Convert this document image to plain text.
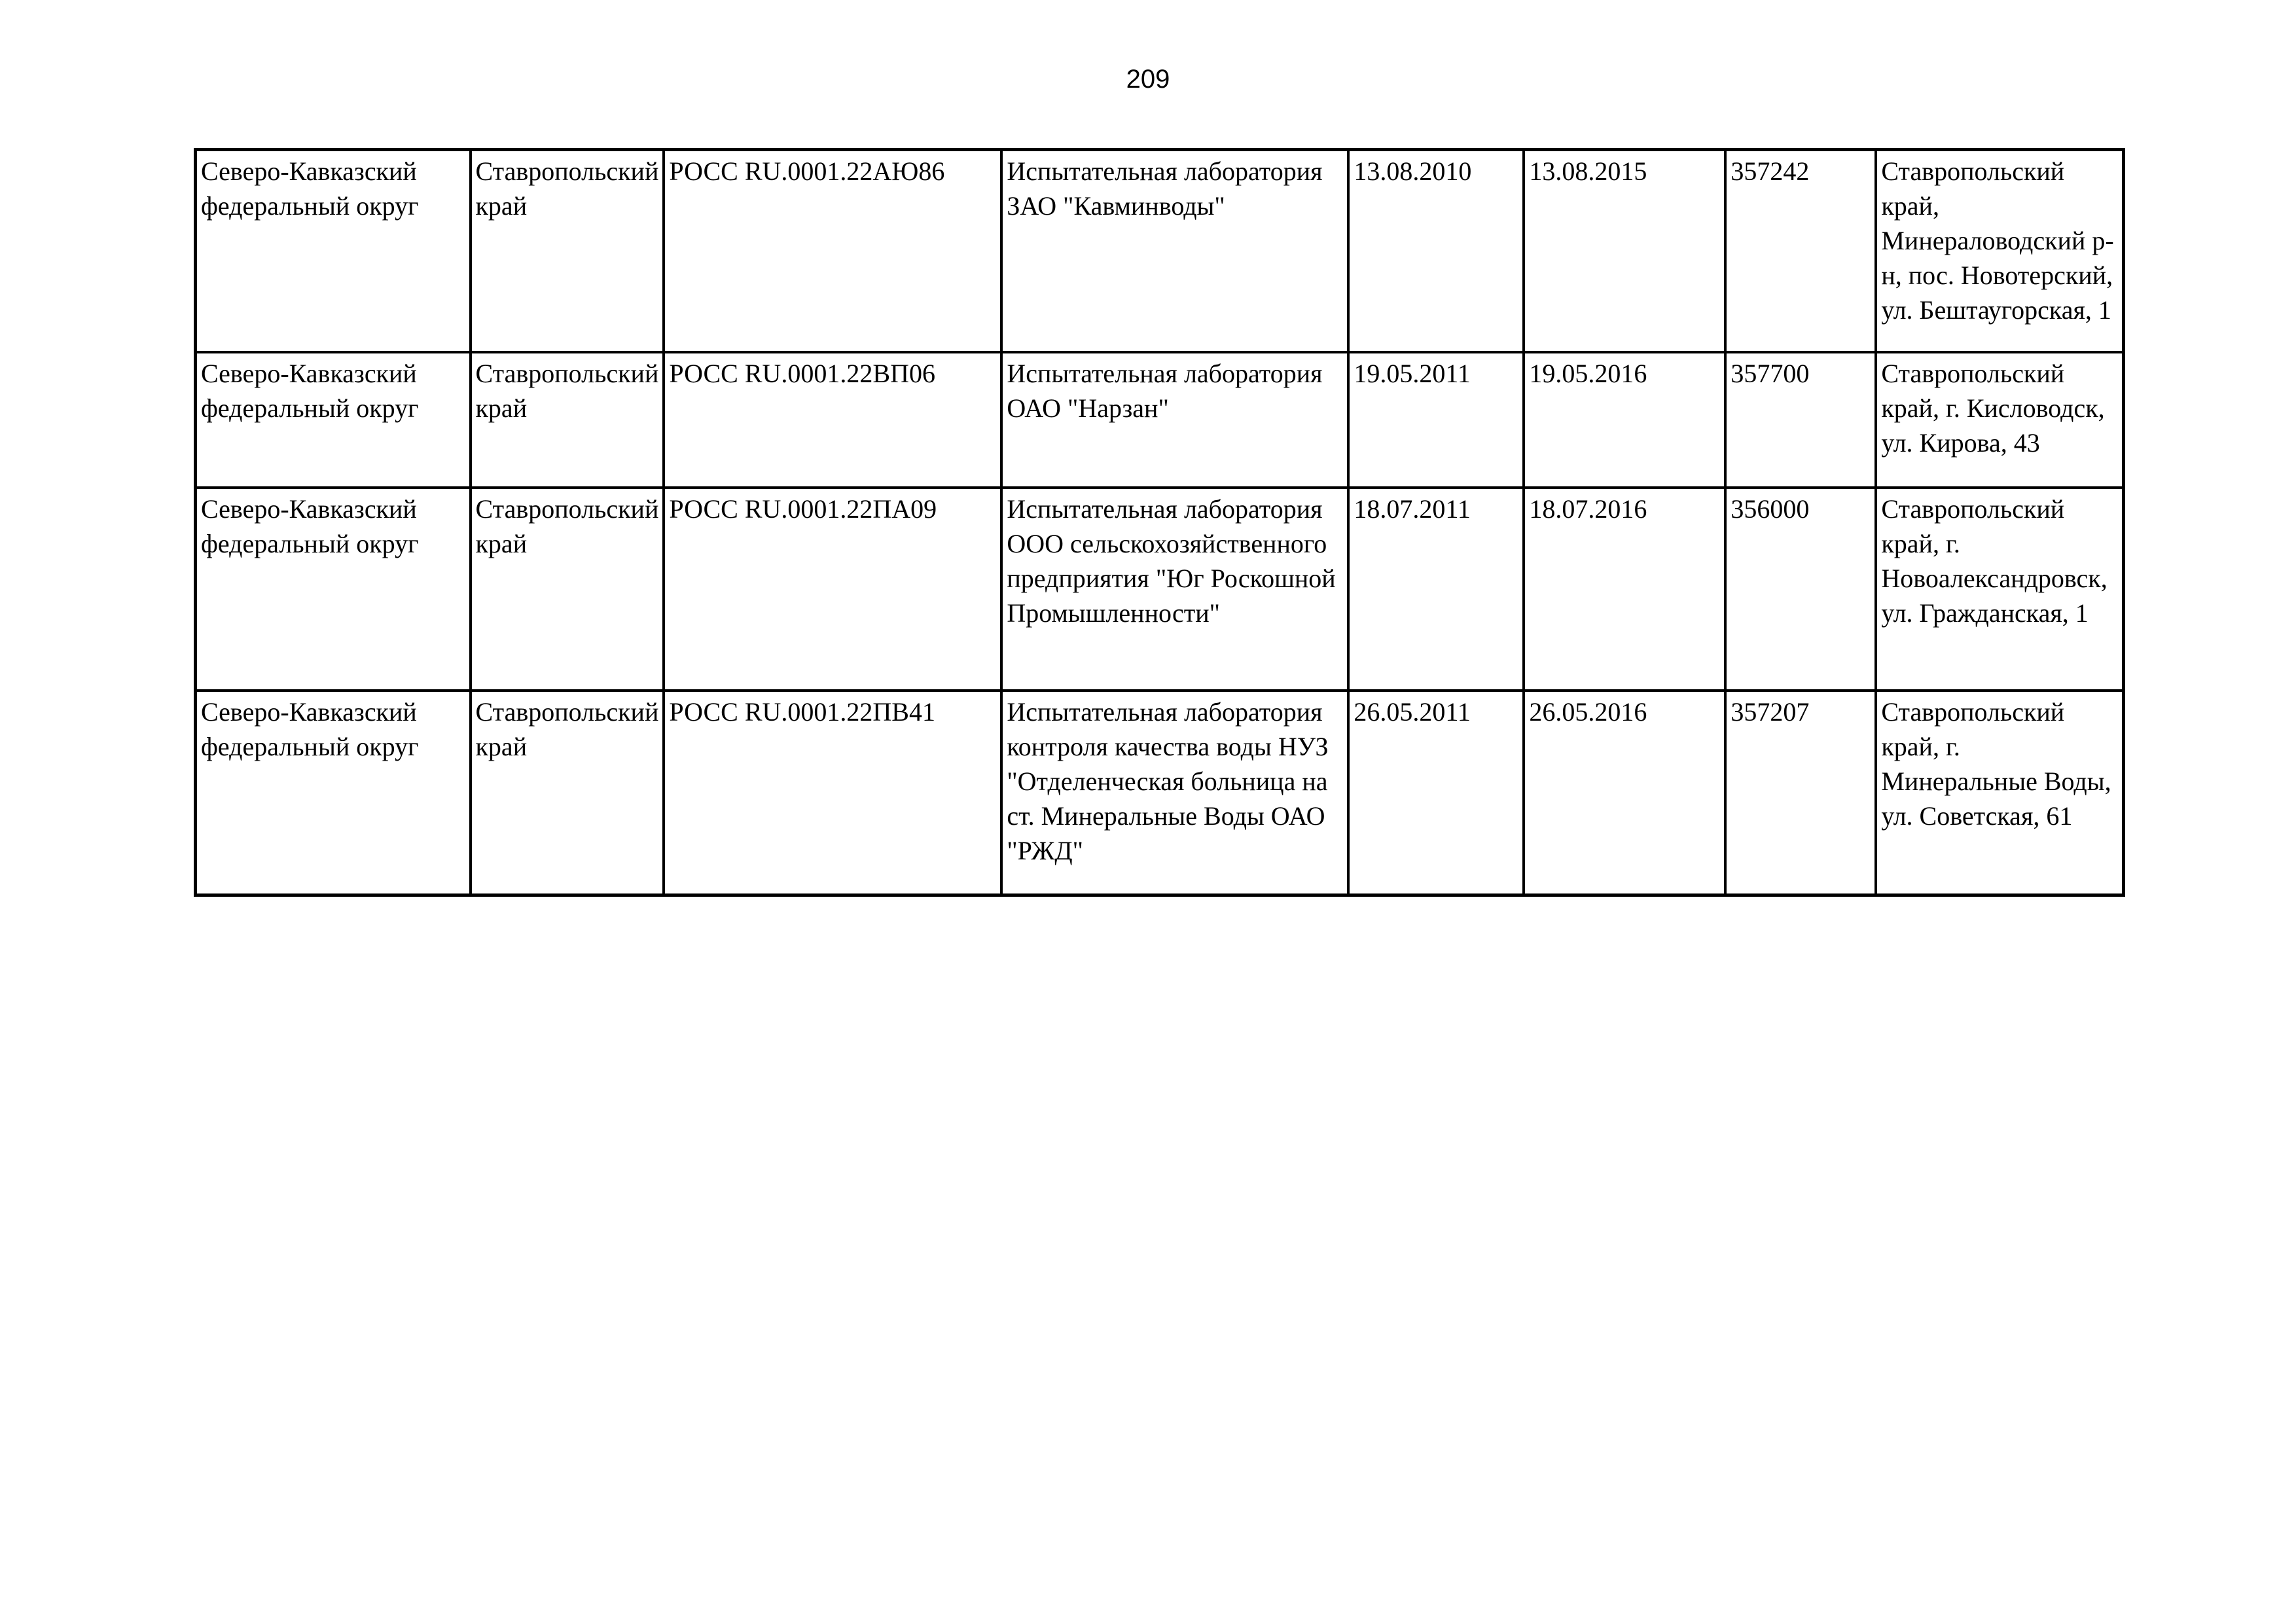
209
Северо-Кавказский федеральный округ	Ставропольский край	РОСС RU.0001.22АЮ86	Испытательная лаборатория ЗАО "Кавминводы"	13.08.2010	13.08.2015	357242	Ставропольский край, Минераловодский р-н, пос. Новотерский, ул. Бештаугорская, 1

Северо-Кавказский федеральный округ	Ставропольский край	РОСС RU.0001.22ВП06	Испытательная лаборатория ОАО "Нарзан"	19.05.2011	19.05.2016	357700	Ставропольский край, г. Кисловодск, ул. Кирова, 43

Северо-Кавказский федеральный округ	Ставропольский край	РОСС RU.0001.22ПА09	Испытательная лаборатория ООО сельскохозяйственного предприятия "Юг Роскошной Промышленности"	18.07.2011	18.07.2016	356000	Ставропольский край, г. Новоалександровск, ул. Гражданская, 1

Северо-Кавказский федеральный округ	Ставропольский край	РОСС RU.0001.22ПВ41	Испытательная лаборатория контроля качества воды НУЗ "Отделенческая больница на ст. Минеральные Воды ОАО "РЖД"	26.05.2011	26.05.2016	357207	Ставропольский край, г. Минеральные Воды, ул. Советская, 61
